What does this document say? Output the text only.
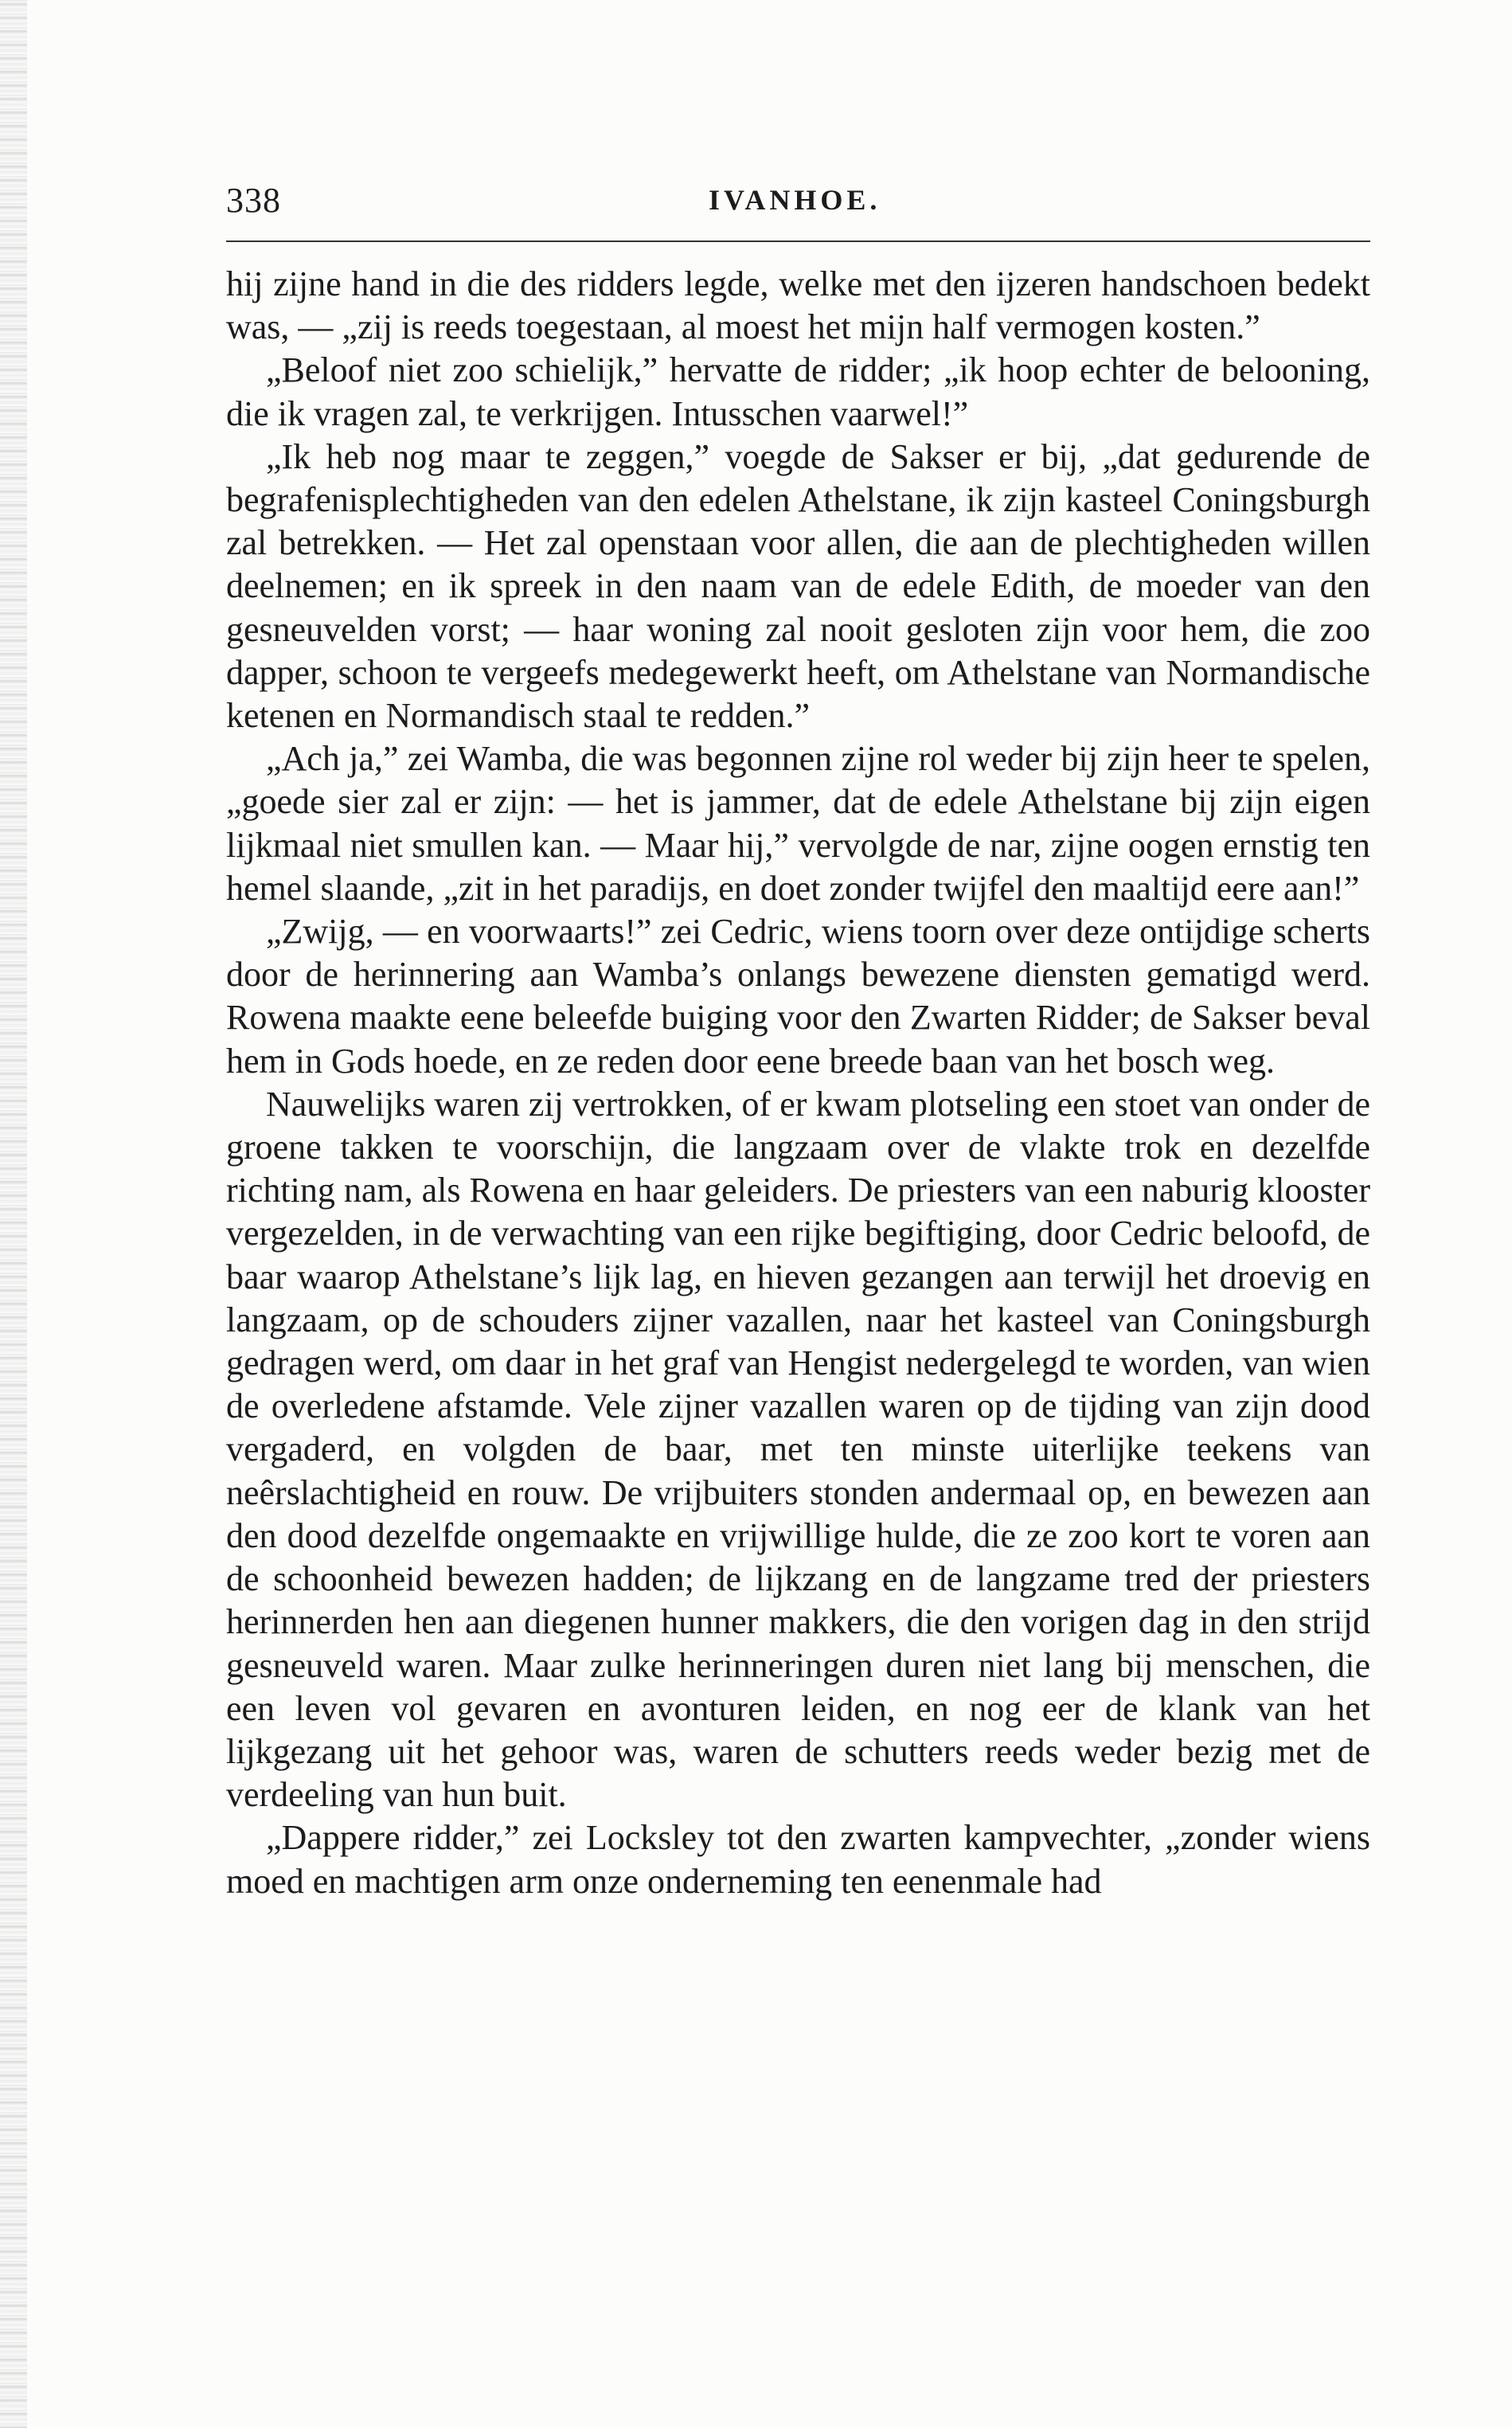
338	IVANHOE.

hij zijne hand in die des ridders legde, welke met den ijzeren handschoen bedekt was, — „zij is reeds toegestaan, al moest het mijn half vermogen kosten.”

„Beloof niet zoo schielijk,” hervatte de ridder; „ik hoop echter de belooning, die ik vragen zal, te verkrijgen. Intusschen vaarwel!”

„Ik heb nog maar te zeggen,” voegde de Sakser er bij, „dat gedurende de begrafenisplechtigheden van den edelen Athelstane, ik zijn kasteel Coningsburgh zal betrekken. — Het zal openstaan voor allen, die aan de plechtigheden willen deelnemen; en ik spreek in den naam van de edele Edith, de moeder van den gesneuvelden vorst; — haar woning zal nooit gesloten zijn voor hem, die zoo dapper, schoon te vergeefs medegewerkt heeft, om Athelstane van Normandische ketenen en Normandisch staal te redden.”

„Ach ja,” zei Wamba, die was begonnen zijne rol weder bij zijn heer te spelen, „goede sier zal er zijn: — het is jammer, dat de edele Athelstane bij zijn eigen lijkmaal niet smullen kan. — Maar hij,” vervolgde de nar, zijne oogen ernstig ten hemel slaande, „zit in het paradijs, en doet zonder twijfel den maaltijd eere aan!”

„Zwijg, — en voorwaarts!” zei Cedric, wiens toorn over deze ontijdige scherts door de herinnering aan Wamba’s onlangs bewezene diensten gematigd werd. Rowena maakte eene beleefde buiging voor den Zwarten Ridder; de Sakser beval hem in Gods hoede, en ze reden door eene breede baan van het bosch weg.

Nauwelijks waren zij vertrokken, of er kwam plotseling een stoet van onder de groene takken te voorschijn, die langzaam over de vlakte trok en dezelfde richting nam, als Rowena en haar geleiders. De priesters van een naburig klooster vergezelden, in de verwachting van een rijke begiftiging, door Cedric beloofd, de baar waarop Athelstane’s lijk lag, en hieven gezangen aan terwijl het droevig en langzaam, op de schouders zijner vazallen, naar het kasteel van Coningsburgh gedragen werd, om daar in het graf van Hengist nedergelegd te worden, van wien de overledene afstamde. Vele zijner vazallen waren op de tijding van zijn dood vergaderd, en volgden de baar, met ten minste uiterlijke teekens van neêrslachtigheid en rouw. De vrijbuiters stonden andermaal op, en bewezen aan den dood dezelfde ongemaakte en vrijwillige hulde, die ze zoo kort te voren aan de schoonheid bewezen hadden; de lijkzang en de langzame tred der priesters herinnerden hen aan diegenen hunner makkers, die den vorigen dag in den strijd gesneuveld waren. Maar zulke herinneringen duren niet lang bij menschen, die een leven vol gevaren en avonturen leiden, en nog eer de klank van het lijkgezang uit het gehoor was, waren de schutters reeds weder bezig met de verdeeling van hun buit.

„Dappere ridder,” zei Locksley tot den zwarten kampvechter, „zonder wiens moed en machtigen arm onze onderneming ten eenenmale had
